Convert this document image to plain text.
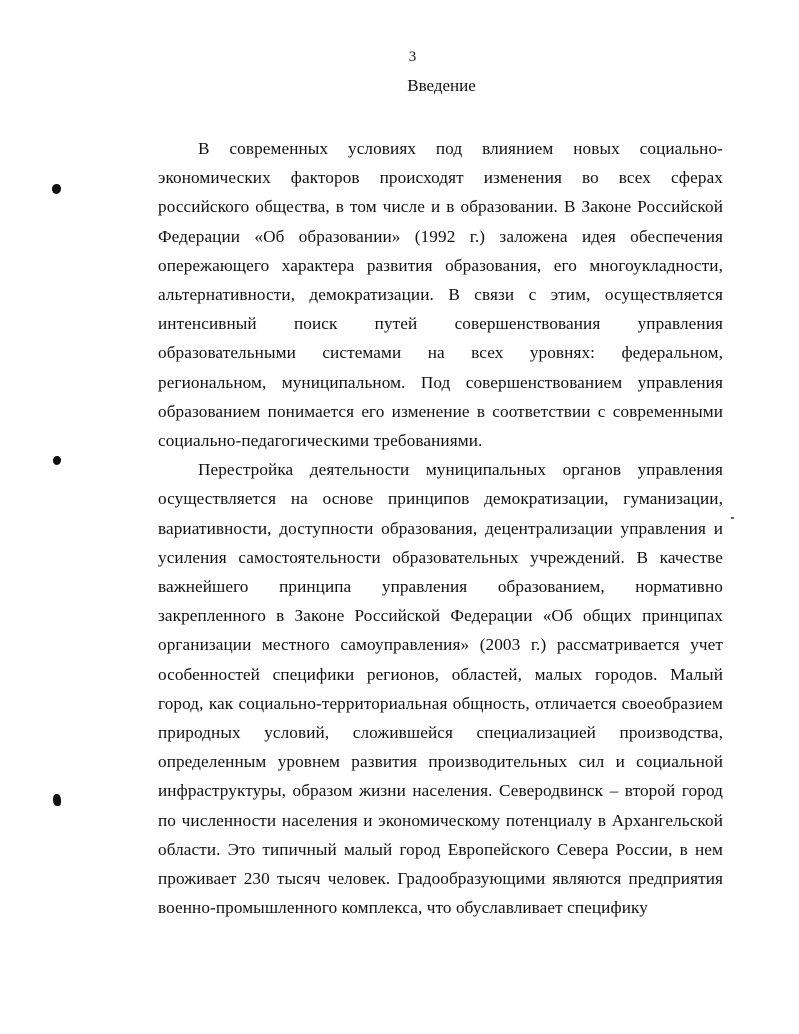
3
Введение

В современных условиях под влиянием новых социально-экономических факторов происходят изменения во всех сферах российского общества, в том числе и в образовании. В Законе Российской Федерации «Об образовании» (1992 г.) заложена идея обеспечения опережающего характера развития образования, его многоукладности, альтернативности, демократизации. В связи с этим, осуществляется интенсивный поиск путей совершенствования управления образовательными системами на всех уровнях: федеральном, региональном, муниципальном. Под совершенствованием управления образованием понимается его изменение в соответствии с современными социально-педагогическими требованиями.

Перестройка деятельности муниципальных органов управления осуществляется на основе принципов демократизации, гуманизации, вариативности, доступности образования, децентрализации управления и усиления самостоятельности образовательных учреждений. В качестве важнейшего принципа управления образованием, нормативно закрепленного в Законе Российской Федерации «Об общих принципах организации местного самоуправления» (2003 г.) рассматривается учет особенностей специфики регионов, областей, малых городов. Малый город, как социально-территориальная общность, отличается своеобразием природных условий, сложившейся специализацией производства, определенным уровнем развития производительных сил и социальной инфраструктуры, образом жизни населения. Северодвинск – второй город по численности населения и экономическому потенциалу в Архангельской области. Это типичный малый город Европейского Севера России, в нем проживает 230 тысяч человек. Градообразующими являются предприятия военно-промышленного комплекса, что обуславливает специфику
